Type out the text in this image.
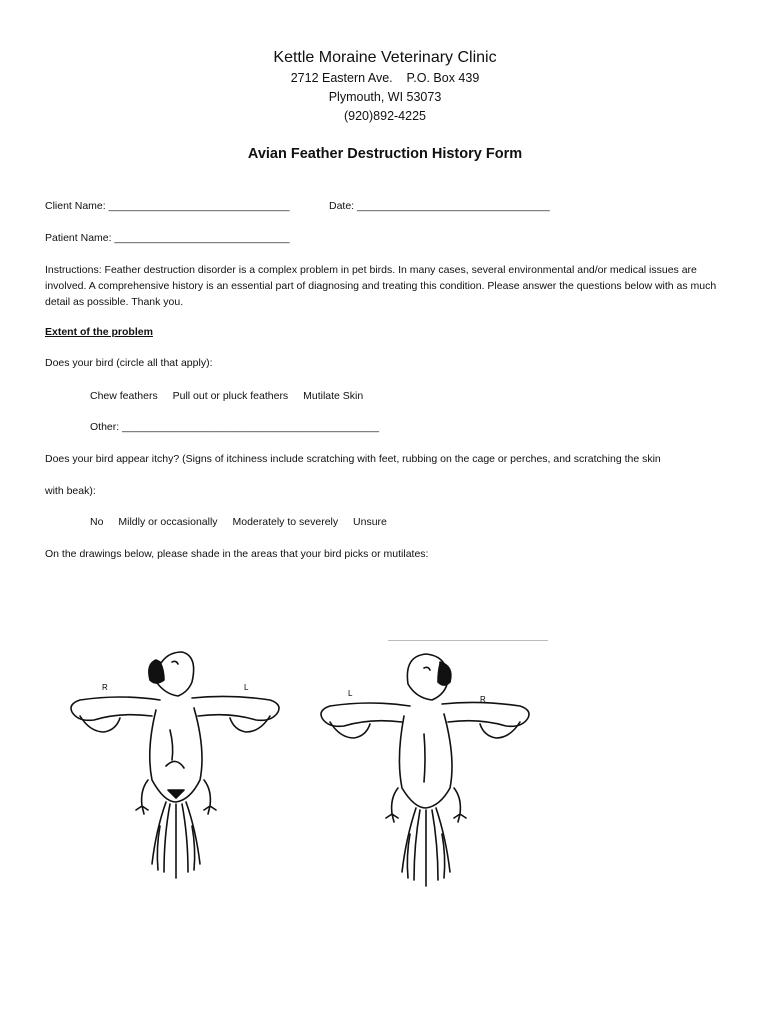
Kettle Moraine Veterinary Clinic
2712 Eastern Ave.    P.O. Box 439
Plymouth, WI 53073
(920)892-4225
Avian Feather Destruction History Form
Client Name: _______________________________	Date: _________________________________
Patient Name: ______________________________
Instructions: Feather destruction disorder is a complex problem in pet birds. In many cases, several environmental and/or medical issues are involved. A comprehensive history is an essential part of diagnosing and treating this condition. Please answer the questions below with as much detail as possible. Thank you.
Extent of the problem
Does your bird (circle all that apply):
Chew feathers Pull out or pluck feathers Mutilate Skin
Other: ____________________________________________
Does your bird appear itchy? (Signs of itchiness include scratching with feet, rubbing on the cage or perches, and scratching the skin
with beak):
No Mildly or occasionally Moderately to severely Unsure
On the drawings below, please shade in the areas that your bird picks or mutilates:
R	L
L
R
